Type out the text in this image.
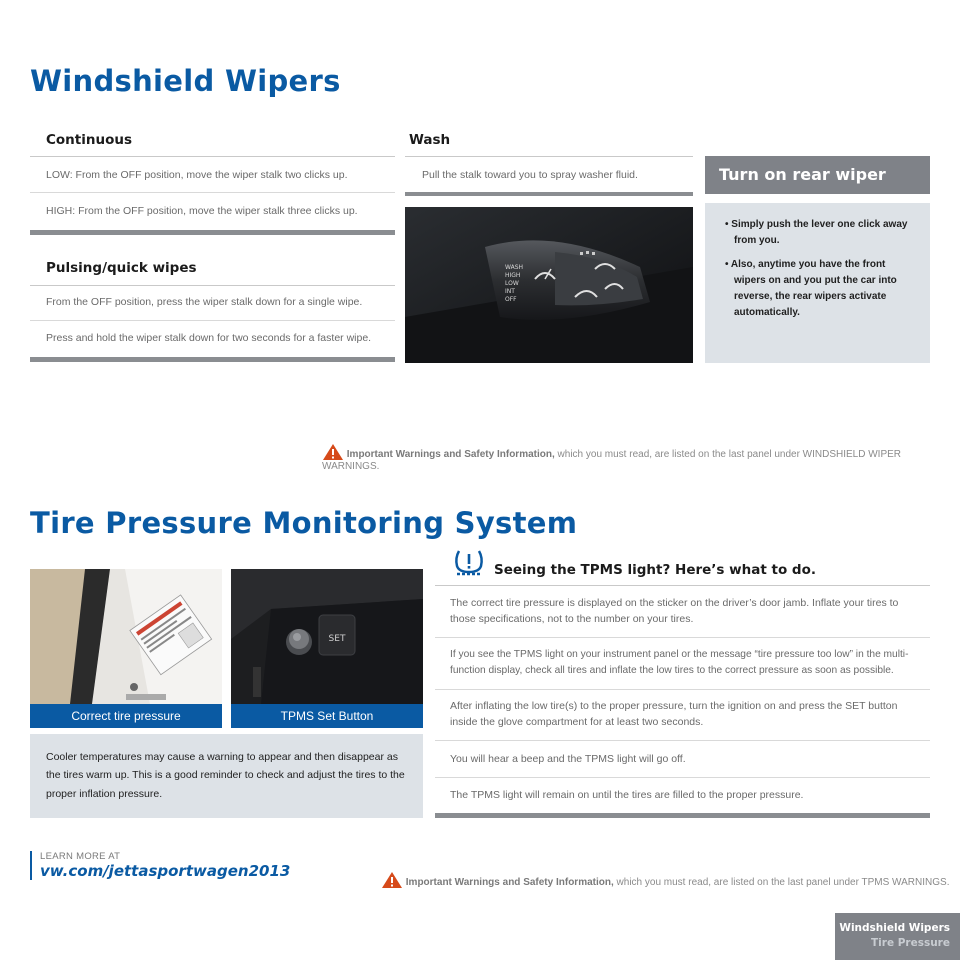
Windshield Wipers
Continuous
LOW: From the OFF position, move the wiper stalk two clicks up.
HIGH: From the OFF position, move the wiper stalk three clicks up.
Pulsing/quick wipes
From the OFF position, press the wiper stalk down for a single wipe.
Press and hold the wiper stalk down for two seconds for a faster wipe.
Wash
Pull the stalk toward you to spray washer fluid.
WASH
HIGH
LOW
INT
OFF
Turn on rear wiper
• Simply push the lever one click away from you.
• Also, anytime you have the front wipers on and you put the car into reverse, the rear wipers activate automatically.
Important Warnings and Safety Information, which you must read, are listed on the last panel under WINDSHIELD WIPER WARNINGS.
Tire Pressure Monitoring System
SET
Correct tire pressure	TPMS Set Button
Cooler temperatures may cause a warning to appear and then disappear as the tires warm up. This is a good reminder to check and adjust the tires to the proper inflation pressure.
Seeing the TPMS light? Here’s what to do.
The correct tire pressure is displayed on the sticker on the driver’s door jamb. Inflate your tires to those specifications, not to the number on your tires.
If you see the TPMS light on your instrument panel or the message “tire pressure too low” in the multi-function display, check all tires and inflate the low tires to the correct pressure as soon as possible.
After inflating the low tire(s) to the proper pressure, turn the ignition on and press the SET button inside the glove compartment for at least two seconds.
You will hear a beep and the TPMS light will go off.
The TPMS light will remain on until the tires are filled to the proper pressure.
LEARN MORE AT
vw.com/jettasportwagen2013
Important Warnings and Safety Information, which you must read, are listed on the last panel under TPMS WARNINGS.
Windshield Wipers
Tire Pressure
